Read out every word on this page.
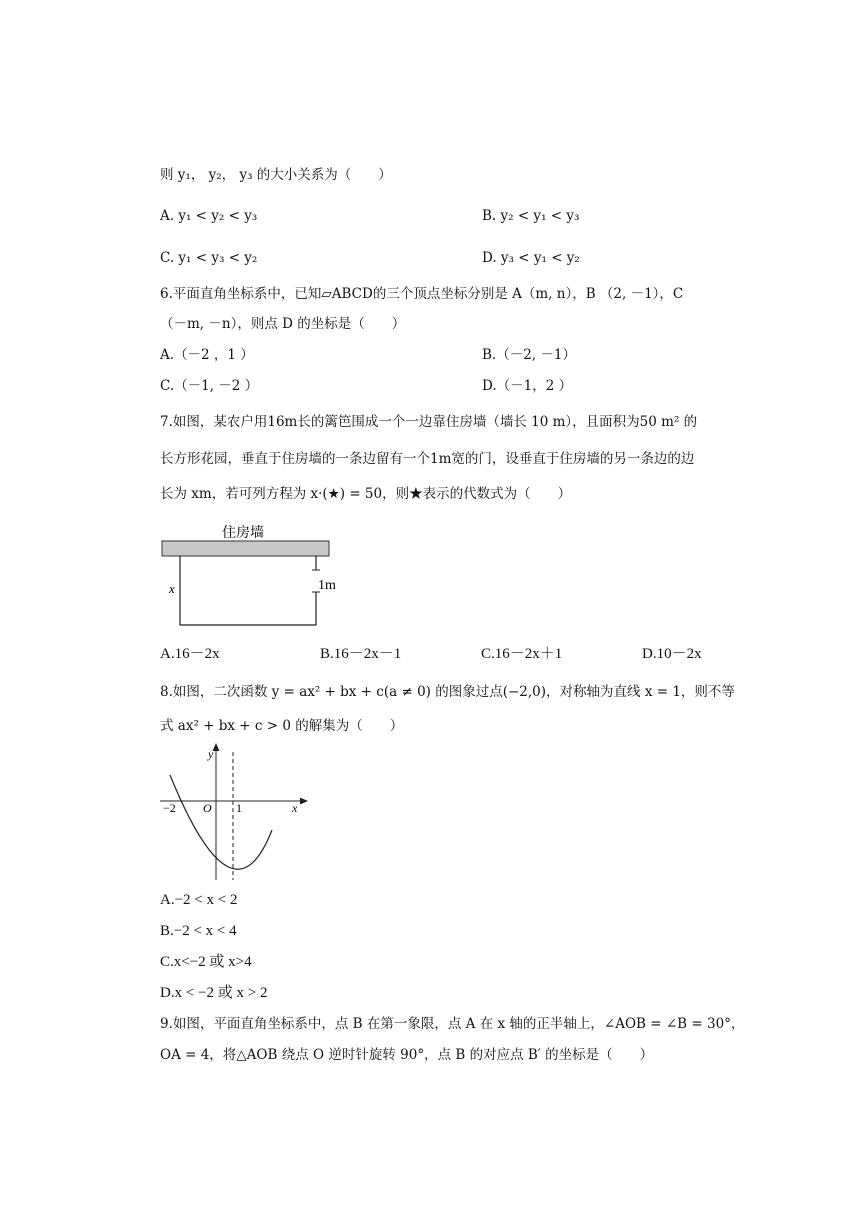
则 y₁， y₂， y₃ 的大小关系为（　　）
A. y₁ < y₂ < y₃	B. y₂ < y₁ < y₃
C. y₁ < y₃ < y₂	D. y₃ < y₁ < y₂
6.平面直角坐标系中，已知▱ABCD的三个顶点坐标分别是 A（m, n），B （2, －1），C
（－m, －n），则点 D 的坐标是（　　）
A.（－2 ，1 ）	B.（－2, －1）
C.（－1, －2 ）	D.（－1，2 ）
7.如图，某农户用16m长的篱笆围成一个一边靠住房墙（墙长 10 m），且面积为50 m² 的
长方形花园，垂直于住房墙的一条边留有一个1m宽的门，设垂直于住房墙的另一条边的边
长为 xm，若可列方程为 x·(★) = 50，则★表示的代数式为（　　）
住房墙
x	1m
A.16－2x	B.16－2x－1	C.16－2x＋1	D.10－2x
8.如图，二次函数 y = ax² + bx + c(a ≠ 0) 的图象过点(−2,0)，对称轴为直线 x = 1，则不等
式 ax² + bx + c > 0 的解集为（　　）
y
x
O
−2	1
A.−2 < x < 2
B.−2 < x < 4
C.x<−2 或 x>4
D.x < −2 或 x > 2
9.如图，平面直角坐标系中，点 B 在第一象限，点 A 在 x 轴的正半轴上，∠AOB = ∠B = 30°，
OA = 4，将△AOB 绕点 O 逆时针旋转 90°，点 B 的对应点 B′ 的坐标是（　　）
